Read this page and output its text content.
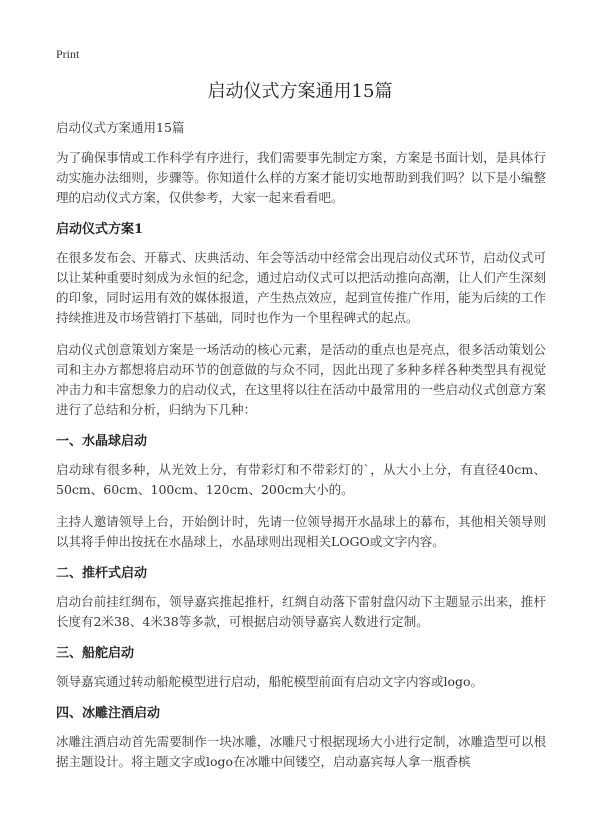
Print
启动仪式方案通用15篇

启动仪式方案通用15篇

为了确保事情或工作科学有序进行，我们需要事先制定方案，方案是书面计划，是具体行动实施办法细则，步骤等。你知道什么样的方案才能切实地帮助到我们吗？以下是小编整理的启动仪式方案，仅供参考，大家一起来看看吧。

启动仪式方案1

在很多发布会、开幕式、庆典活动、年会等活动中经常会出现启动仪式环节，启动仪式可以让某种重要时刻成为永恒的纪念，通过启动仪式可以把活动推向高潮，让人们产生深刻的印象，同时运用有效的媒体报道，产生热点效应，起到宣传推广作用，能为后续的工作持续推进及市场营销打下基础，同时也作为一个里程碑式的起点。

启动仪式创意策划方案是一场活动的核心元素，是活动的重点也是亮点，很多活动策划公司和主办方都想将启动环节的创意做的与众不同，因此出现了多种多样各种类型具有视觉冲击力和丰富想象力的启动仪式，在这里将以往在活动中最常用的一些启动仪式创意方案进行了总结和分析，归纳为下几种：

一、水晶球启动

启动球有很多种，从光效上分，有带彩灯和不带彩灯的`，从大小上分，有直径40cm、50cm、60cm、100cm、120cm、200cm大小的。

主持人邀请领导上台，开始倒计时，先请一位领导揭开水晶球上的幕布，其他相关领导则以其将手伸出按抚在水晶球上，水晶球则出现相关LOGO或文字内容。

二、推杆式启动

启动台前挂红绸布，领导嘉宾推起推杆，红绸自动落下雷射盘闪动下主题显示出来，推杆长度有2米38、4米38等多款，可根据启动领导嘉宾人数进行定制。

三、船舵启动

领导嘉宾通过转动船舵模型进行启动，船舵模型前面有启动文字内容或logo。

四、冰雕注酒启动

冰雕注酒启动首先需要制作一块冰雕，冰雕尺寸根据现场大小进行定制，冰雕造型可以根据主题设计。将主题文字或logo在冰雕中间镂空，启动嘉宾每人拿一瓶香槟
